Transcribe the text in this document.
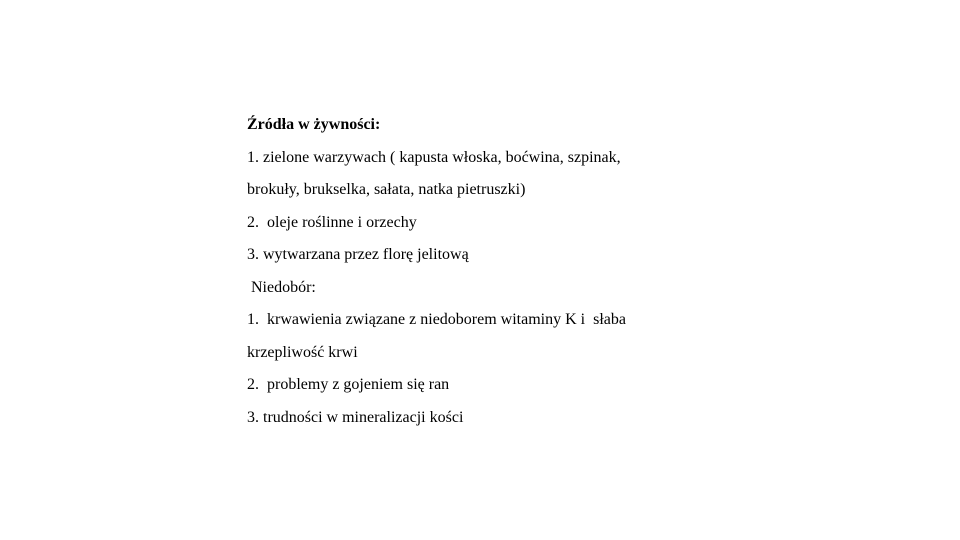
Źródła w żywności:
1. zielone warzywach ( kapusta włoska, boćwina, szpinak,
brokuły, brukselka, sałata, natka pietruszki)
2.  oleje roślinne i orzechy
3. wytwarzana przez florę jelitową
Niedobór:
1.  krwawienia związane z niedoborem witaminy K i  słaba
krzepliwość krwi
2.  problemy z gojeniem się ran
3. trudności w mineralizacji kości
